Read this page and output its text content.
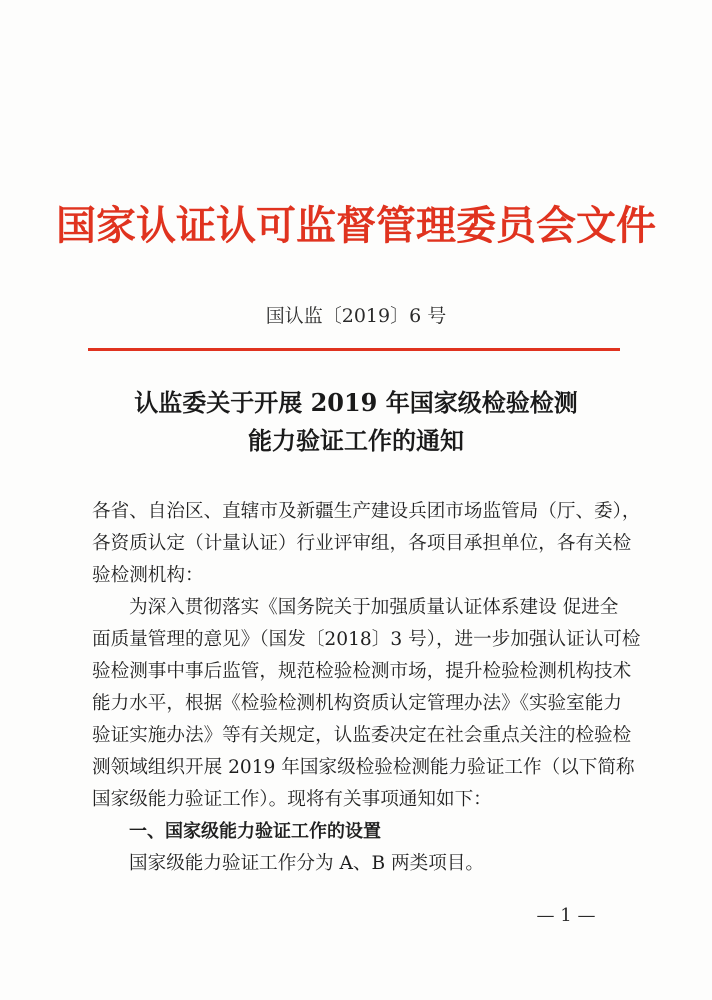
国家认证认可监督管理委员会文件
国认监〔2019〕6 号
认监委关于开展 2019 年国家级检验检测
能力验证工作的通知
各省、自治区、直辖市及新疆生产建设兵团市场监管局（厅、委），
各资质认定（计量认证）行业评审组，各项目承担单位，各有关检
验检测机构：
为深入贯彻落实《国务院关于加强质量认证体系建设 促进全
面质量管理的意见》（国发〔2018〕3 号），进一步加强认证认可检
验检测事中事后监管，规范检验检测市场，提升检验检测机构技术
能力水平，根据《检验检测机构资质认定管理办法》《实验室能力
验证实施办法》等有关规定，认监委决定在社会重点关注的检验检
测领域组织开展 2019 年国家级检验检测能力验证工作（以下简称
国家级能力验证工作）。现将有关事项通知如下：
一、国家级能力验证工作的设置
国家级能力验证工作分为 A、B 两类项目。
— 1 —
